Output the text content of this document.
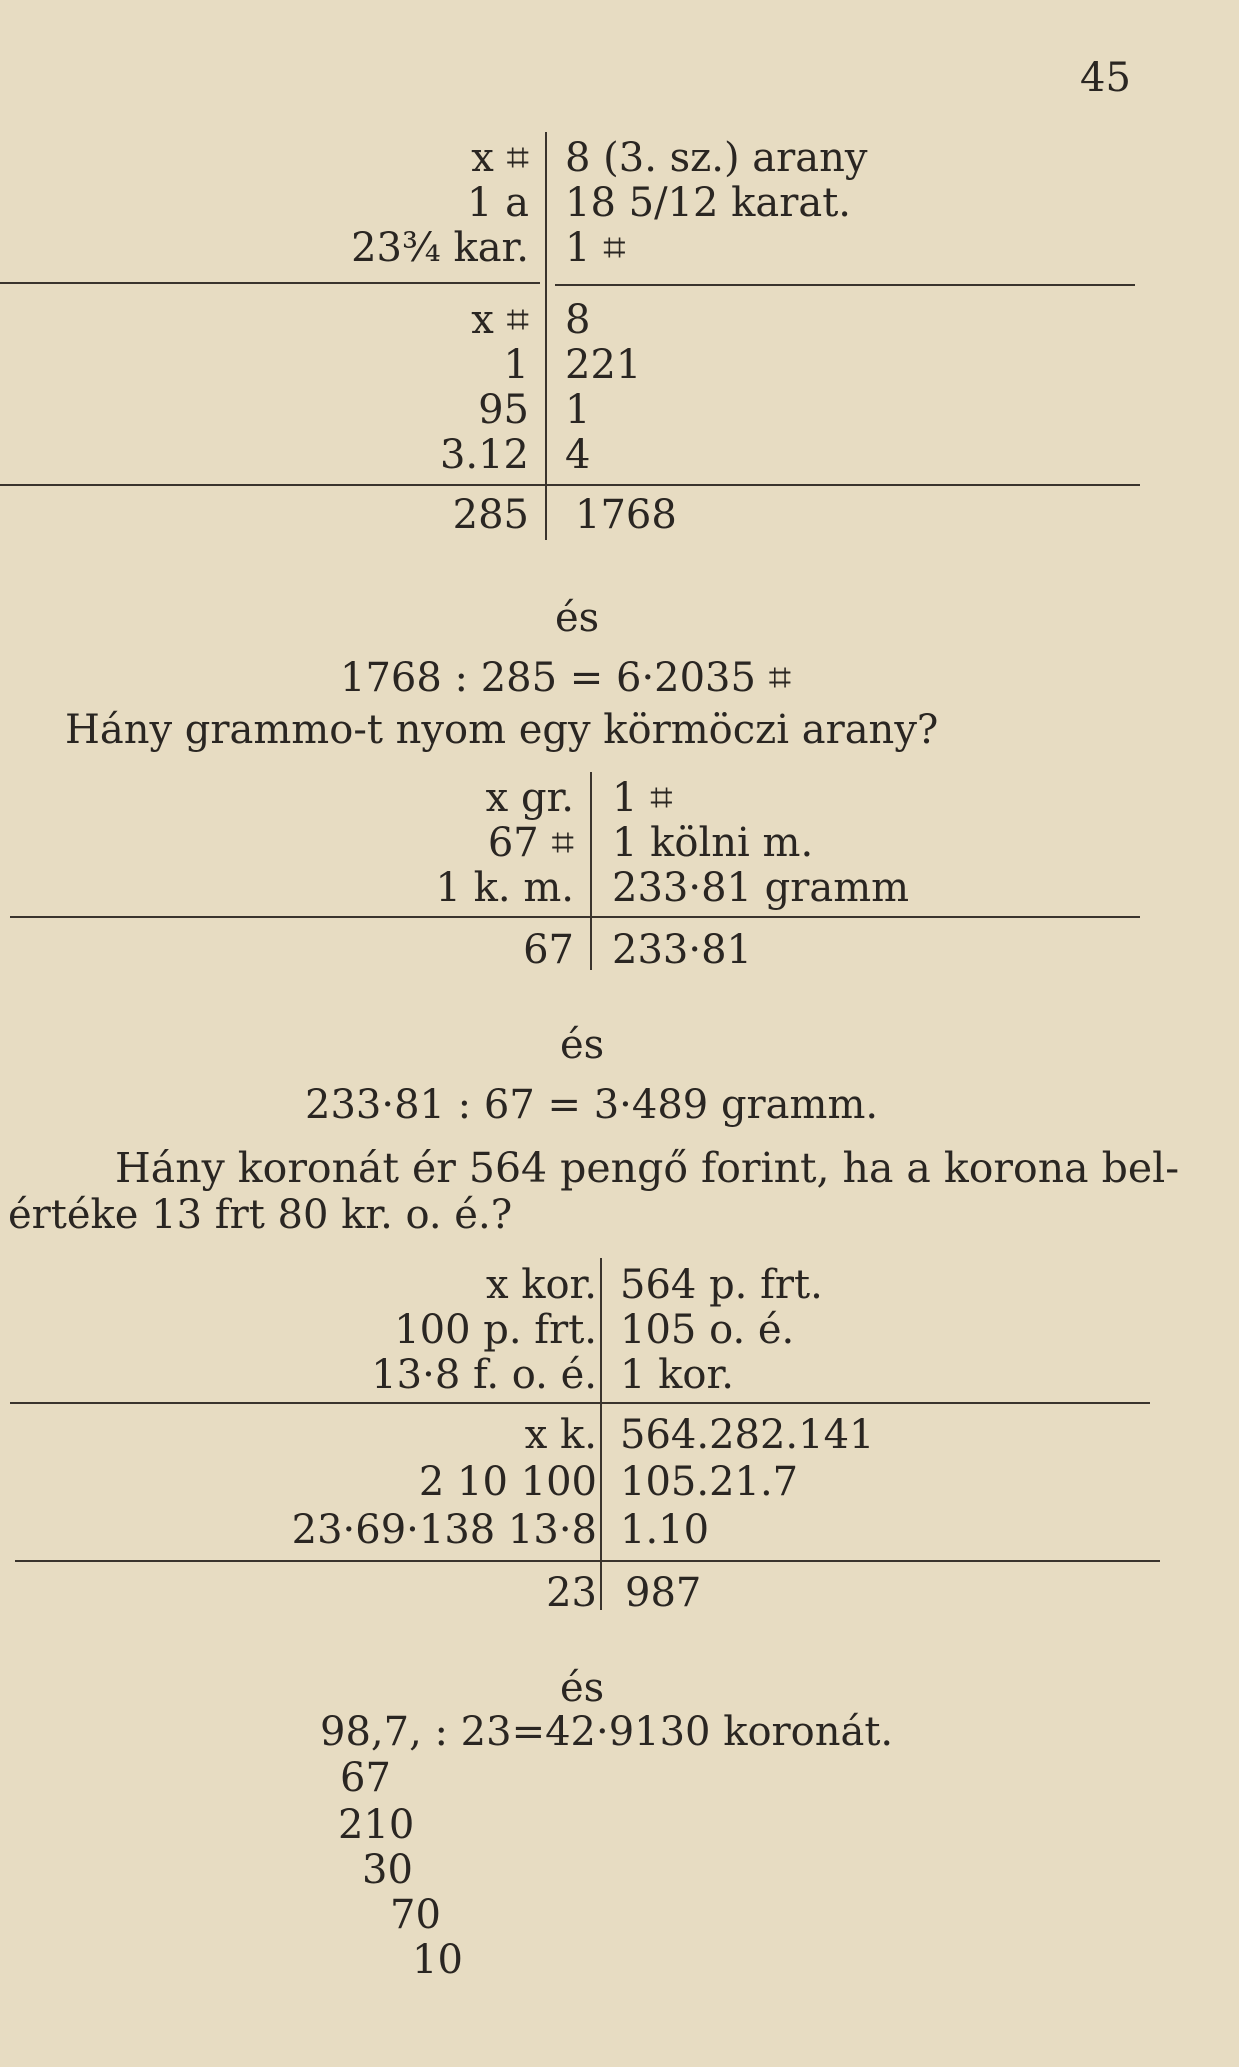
45
x ⌗ 8 (3. sz.) arany
1 a 18 5/12 karat.
23¾ kar. 1 ⌗
x ⌗ 8
1 221
95 1
3.12 4
285 1768
és
1768 : 285 = 6·2035 ⌗
Hány grammo-t nyom egy körmöczi arany?
x gr. 1 ⌗
67 ⌗ 1 kölni m.
1 k. m. 233·81 gramm
67 233·81
és
233·81 : 67 = 3·489 gramm.
Hány koronát ér 564 pengő forint, ha a korona bel-
értéke 13 frt 80 kr. o. é.?
x kor. 564 p. frt.
100 p. frt. 105 o. é.
13·8 f. o. é. 1 kor.
x k. 564.282.141
2 10 100 105.21.7
23·69·138 13·8 1.10
23 987
és
98,7, : 23=42·9130 koronát.
67
210
30
70
10
